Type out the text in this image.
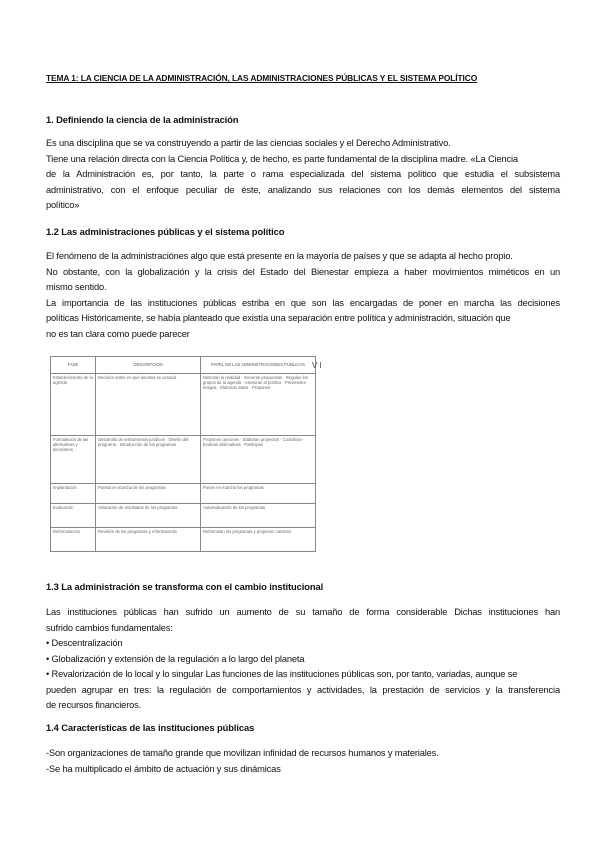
TEMA 1: LA CIENCIA DE LA ADMINISTRACIÓN, LAS ADMINISTRACIONES PÚBLICAS Y EL SISTEMA POLÍTICO
1. Definiendo la ciencia de la administración
Es una disciplina que se va construyendo a partir de las ciencias sociales y el Derecho Administrativo.
Tiene una relación directa con la Ciencia Política y, de hecho, es parte fundamental de la disciplina madre. «La Ciencia
de la Administración es, por tanto, la parte o rama especializada del sistema político que estudia el subsistema
administrativo, con el enfoque peculiar de éste, analizando sus relaciones con los demás elementos del sistema
político»
1.2 Las administraciones públicas y el sistema político
El fenómeno de la administraciónes algo que está presente en la mayoría de países y que se adapta al hecho propio.
No obstante, con la globalización y la crisis del Estado del Bienestar empieza a haber movimientos miméticos en un
mismo sentido.
La importancia de las instituciones públicas estriba en que son las encargadas de poner en marcha las decisiones
políticas Históricamente, se había planteado que existía una separación entre política y administración, situación que
no es tan clara como puede parecer
FASE	DESCRIPCIÓN	PAPEL DE LAS ADMINISTRACIONES PÚBLICAS
Establecimiento de la agenda	Decisión sobre en qué asuntos se actuará	Detectan la realidad · Generan propuestas · Regulan los grupos de la agenda · Asesoran al político · Previenden riesgos · Elaboran datos · Proponen
Formulación de las alternativas y decisiones	Desarrollo de instrumentos jurídicos · Diseño del programa · Introducción de los programas	Proponen opciones · Elaboran proyectos · Coordinan · Evalúan alternativas · Participan
Implantación	Puesta en marcha de los programas	Ponen en marcha los programas
Evaluación	Valoración de resultados de los programas	Autoevaluación de los programas
Reformulación	Revisión de los programas y reformulación	Reformulan los programas y proponen cambios
V I
1.3 La administración se transforma con el cambio institucional
Las instituciones públicas han sufrido un aumento de su tamaño de forma considerable Dichas instituciones han
sufrido cambios fundamentales:
• Descentralización
• Globalización y extensión de la regulación a lo largo del planeta
• Revalorización de lo local y lo singular Las funciones de las instituciones públicas son, por tanto, variadas, aunque se
pueden agrupar en tres: la regulación de comportamientos y actividades, la prestación de servicios y la transferencia
de recursos financieros.
1.4 Características de las instituciones públicas
-Son organizaciones de tamaño grande que movilizan infinidad de recursos humanos y materiales.
-Se ha multiplicado el ámbito de actuación y sus dinámicas
